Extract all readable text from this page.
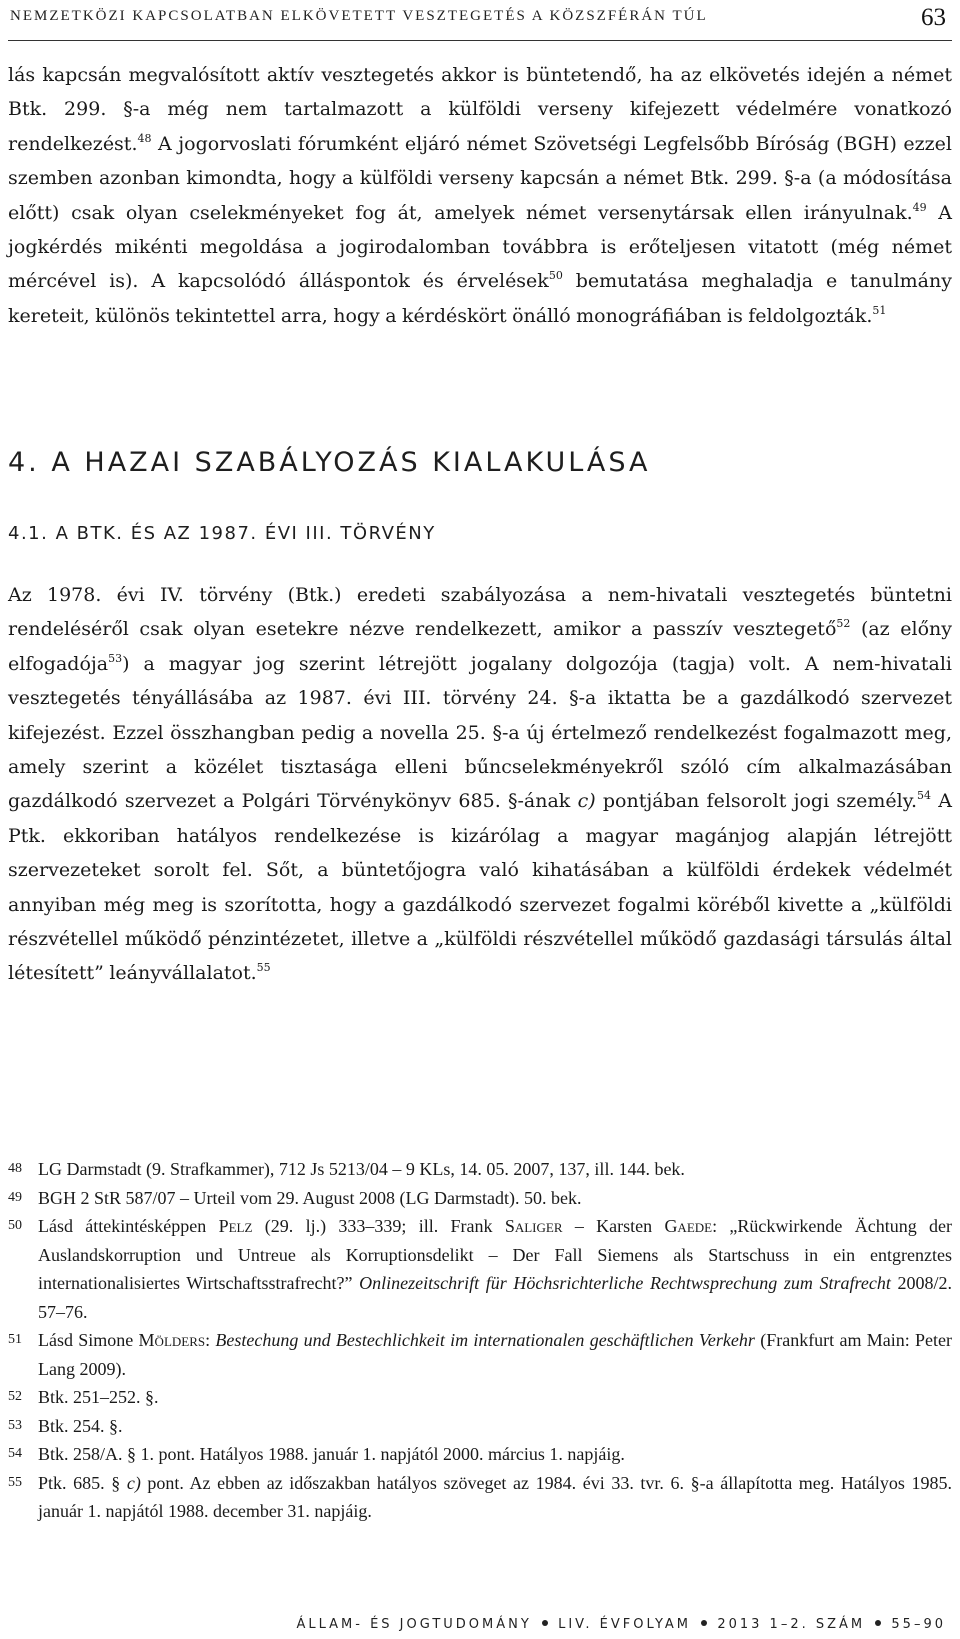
NEMZETKÖZI KAPCSOLATBAN ELKÖVETETT VESZTEGETÉS A KÖZSZFÉRÁN TÚL	63

lás kapcsán megvalósított aktív vesztegetés akkor is büntetendő, ha az elkövetés idején a német Btk. 299. §-a még nem tartalmazott a külföldi verseny kifejezett védelmére vonatkozó rendelkezést.$^{48}$ A jogorvoslati fórumként eljáró német Szövetségi Legfelsőbb Bíróság (BGH) ezzel szemben azonban kimondta, hogy a külföldi verseny kapcsán a német Btk. 299. §-a (a módosítása előtt) csak olyan cselekményeket fog át, amelyek német versenytársak ellen irányulnak.$^{49}$ A jogkérdés mikénti megoldása a jogirodalomban továbbra is erőteljesen vitatott (még német mércével is). A kapcsolódó álláspontok és érvelések$^{50}$ bemutatása meghaladja e tanulmány kereteit, különös tekintettel arra, hogy a kérdéskört önálló monográfiában is feldolgozták.$^{51}$

4. A HAZAI SZABÁLYOZÁS KIALAKULÁSA
4.1. A BTK. ÉS AZ 1987. ÉVI III. TÖRVÉNY

Az 1978. évi IV. törvény (Btk.) eredeti szabályozása a nem-hivatali vesztegetés büntetni rendeléséről csak olyan esetekre nézve rendelkezett, amikor a passzív vesztegető$^{52}$ (az előny elfogadója$^{53}$) a magyar jog szerint létrejött jogalany dolgozója (tagja) volt. A nem-hivatali vesztegetés tényállásába az 1987. évi III. törvény 24. §-a iktatta be a gazdálkodó szervezet kifejezést. Ezzel összhangban pedig a novella 25. §-a új értelmező rendelkezést fogalmazott meg, amely szerint a közélet tisztasága elleni bűncselekményekről szóló cím alkalmazásában gazdálkodó szervezet a Polgári Törvénykönyv 685. §-ának c) pontjában felsorolt jogi személy.$^{54}$ A Ptk. ekkoriban hatályos rendelkezése is kizárólag a magyar magánjog alapján létrejött szervezeteket sorolt fel. Sőt, a büntetőjogra való kihatásában a külföldi érdekek védelmét annyiban még meg is szorította, hogy a gazdálkodó szervezet fogalmi köréből kivette a „külföldi részvétellel működő pénzintézetet, illetve a „külföldi részvétellel működő gazdasági társulás által létesített” leányvállalatot.$^{55}$

48 LG Darmstadt (9. Strafkammer), 712 Js 5213/04 – 9 KLs, 14. 05. 2007, 137, ill. 144. bek.
49 BGH 2 StR 587/07 – Urteil vom 29. August 2008 (LG Darmstadt). 50. bek.
50 Lásd áttekintésképpen Pelz (29. lj.) 333–339; ill. Frank Saliger – Karsten Gaede: „Rückwirkende Ächtung der Auslandskorruption und Untreue als Korruptionsdelikt – Der Fall Siemens als Startschuss in ein entgrenztes internationalisiertes Wirtschaftsstrafrecht?” Onlinezeitschrift für Höchsrichterliche Rechtwsprechung zum Strafrecht 2008/2. 57–76.
51 Lásd Simone Mölders: Bestechung und Bestechlichkeit im internationalen geschäftlichen Verkehr (Frankfurt am Main: Peter Lang 2009).
52 Btk. 251–252. §.
53 Btk. 254. §.
54 Btk. 258/A. § 1. pont. Hatályos 1988. január 1. napjától 2000. március 1. napjáig.
55 Ptk. 685. § c) pont. Az ebben az időszakban hatályos szöveget az 1984. évi 33. tvr. 6. §-a állapította meg. Hatályos 1985. január 1. napjától 1988. december 31. napjáig.
ÁLLAM- ÉS JOGTUDOMÁNY LIV. ÉVFOLYAM 2013 1–2. SZÁM 55–90
